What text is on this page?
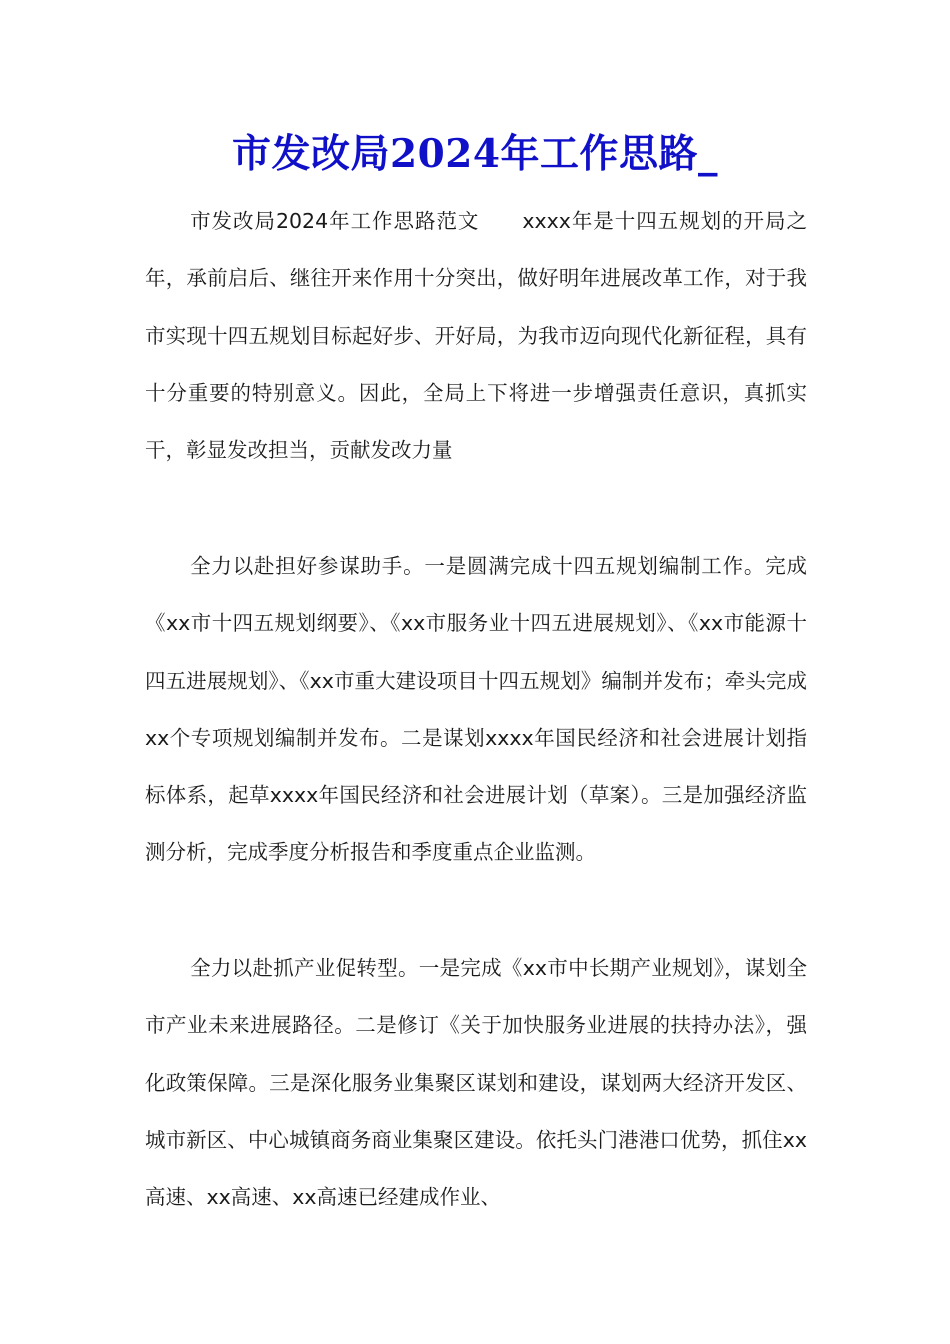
市发改局2024年工作思路_

市发改局2024年工作思路范文　　xxxx年是十四五规划的开局之年，承前启后、继往开来作用十分突出，做好明年进展改革工作，对于我市实现十四五规划目标起好步、开好局，为我市迈向现代化新征程，具有十分重要的特别意义。因此，全局上下将进一步增强责任意识，真抓实干，彰显发改担当，贡献发改力量

全力以赴担好参谋助手。一是圆满完成十四五规划编制工作。完成《xx市十四五规划纲要》、《xx市服务业十四五进展规划》、《xx市能源十四五进展规划》、《xx市重大建设项目十四五规划》编制并发布；牵头完成xx个专项规划编制并发布。二是谋划xxxx年国民经济和社会进展计划指标体系，起草xxxx年国民经济和社会进展计划（草案）。三是加强经济监测分析，完成季度分析报告和季度重点企业监测。

全力以赴抓产业促转型。一是完成《xx市中长期产业规划》，谋划全市产业未来进展路径。二是修订《关于加快服务业进展的扶持办法》，强化政策保障。三是深化服务业集聚区谋划和建设，谋划两大经济开发区、城市新区、中心城镇商务商业集聚区建设。依托头门港港口优势，抓住xx高速、xx高速、xx高速已经建成作业、
